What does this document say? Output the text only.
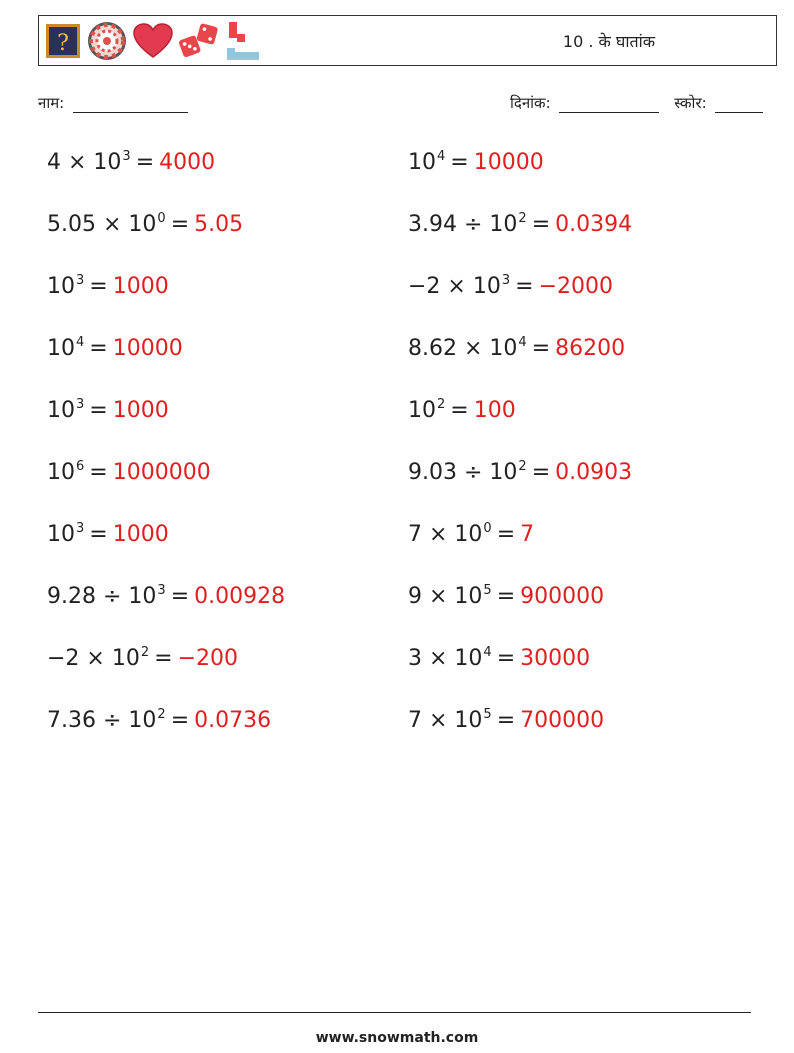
?	10 . के घातांक
नाम:	दिनांक:	स्कोर:
$4 \times 10^3 = 4000$	$10^4 = 10000$
$5.05 \times 10^0 = 5.05$	$3.94 \div 10^2 = 0.0394$
$10^3 = 1000$	$-2 \times 10^3 = -2000$
$10^4 = 10000$	$8.62 \times 10^4 = 86200$
$10^3 = 1000$	$10^2 = 100$
$10^6 = 1000000$	$9.03 \div 10^2 = 0.0903$
$10^3 = 1000$	$7 \times 10^0 = 7$
$9.28 \div 10^3 = 0.00928$	$9 \times 10^5 = 900000$
$-2 \times 10^2 = -200$	$3 \times 10^4 = 30000$
$7.36 \div 10^2 = 0.0736$	$7 \times 10^5 = 700000$
www.snowmath.com
